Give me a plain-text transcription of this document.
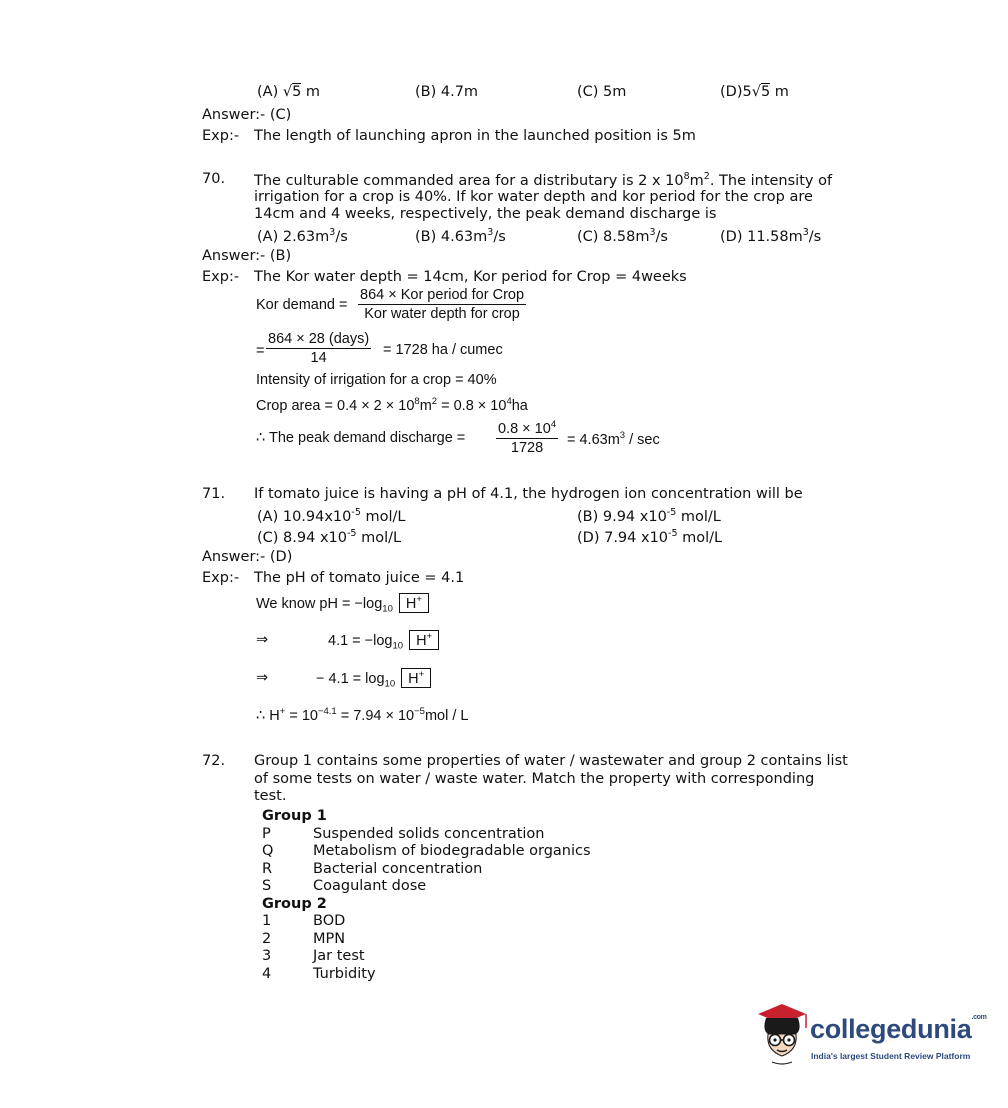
(A) √5 m	(B) 4.7m	(C) 5m	(D)5√5 m
Answer:- (C)
Exp:- The length of launching apron in the launched position is 5m
70. The culturable commanded area for a distributary is 2 x $10^8m^2$. The intensity of
irrigation for a crop is 40%. If kor water depth and kor period for the crop are
14cm and 4 weeks, respectively, the peak demand discharge is
(A) $2.63m^3/s$	(B) $4.63m^3/s$	(C) $8.58m^3/s$	(D) $11.58m^3/s$
Answer:- (B)
Exp:- The Kor water depth = 14cm, Kor period for Crop = 4weeks
Kor demand =
864 × Kor period for Crop
Kor water depth for crop
=
864 × 28 (days)
14	= 1728 ha / cumec
Intensity of irrigation for a crop = 40%
Crop area = $0.4 \times 2 \times 10^8m^2 = 0.8 \times 10^4ha$
∴ The peak demand discharge = $\frac{0.8 \times 10^4}{1728} = 4.63m^3 / \sec$
71. If tomato juice is having a pH of 4.1, the hydrogen ion concentration will be
(A) $10.94x10^{-5}$ mol/L	(B) 9.94 $x10^{-5}$ mol/L
(C) 8.94 $x10^{-5}$ mol/L	(D) 7.94 $x10^{-5}$ mol/L
Answer:- (D)
Exp:- The pH of tomato juice = 4.1
We know pH = $-\log_{10}$ H+
⇒	$4.1 = -\log_{10}$ H+
⇒	− $4.1 = \log_{10} H^+$
∴ $H^+ = 10^{-4.1} = 7.94 \times 10^{-5}mol / L$
72. Group 1 contains some properties of water / wastewater and group 2 contains list
of some tests on water / waste water. Match the property with corresponding
test.
Group 1
P	Suspended solids concentration
Q	Metabolism of biodegradable organics
R	Bacterial concentration
S	Coagulant dose
Group 2
1	BOD
2	MPN
3	Jar test
4	Turbidity
collegedunia$^{.com}$
India's largest Student Review Platform
